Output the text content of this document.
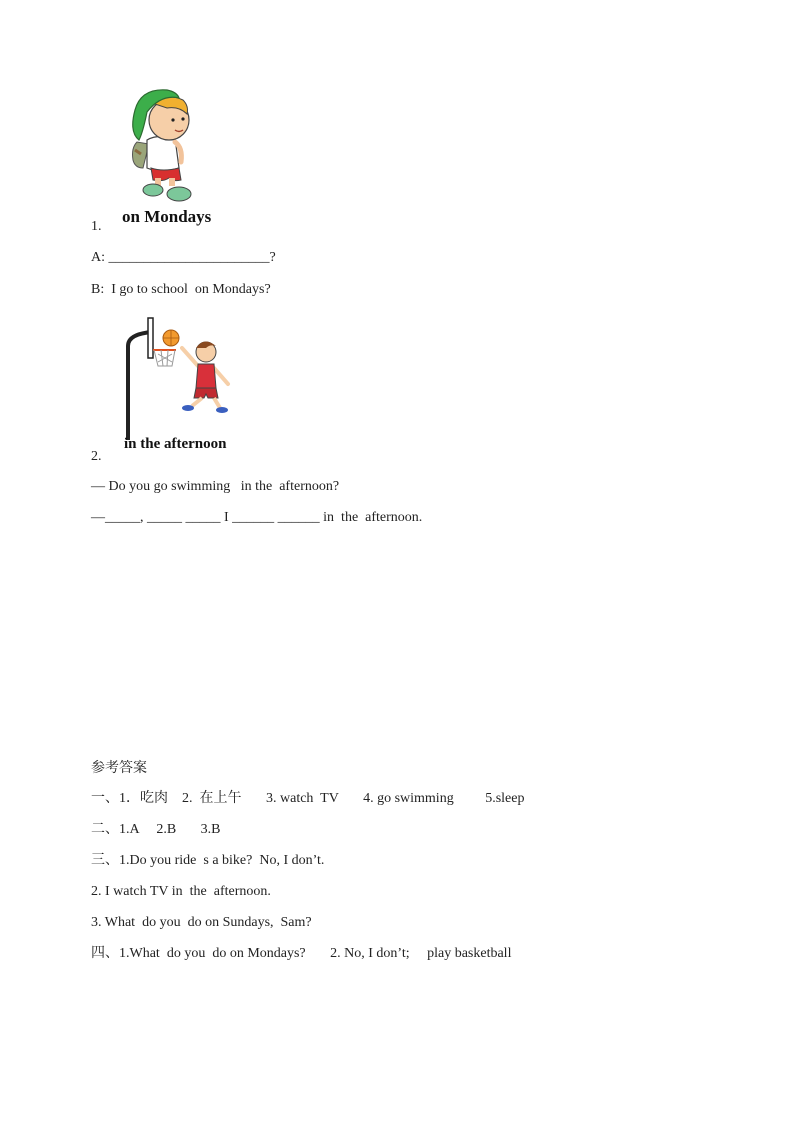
1.
on Mondays
A: _______________________?
B:  I go to school  on Mondays?
2.
in the afternoon
— Do you go swimming   in the  afternoon?
—_____, _____ _____ I ______ ______ in  the  afternoon.
参考答案
一、1．吃肉    2.  在上午       3. watch  TV       4. go swimming         5.sleep
二、1.A     2.B       3.B
三、1.Do you ride  s a bike?  No, I don’t.
2. I watch TV in  the  afternoon.
3. What  do you  do on Sundays,  Sam?
四、1.What  do you  do on Mondays?       2. No, I don’t;     play basketball
